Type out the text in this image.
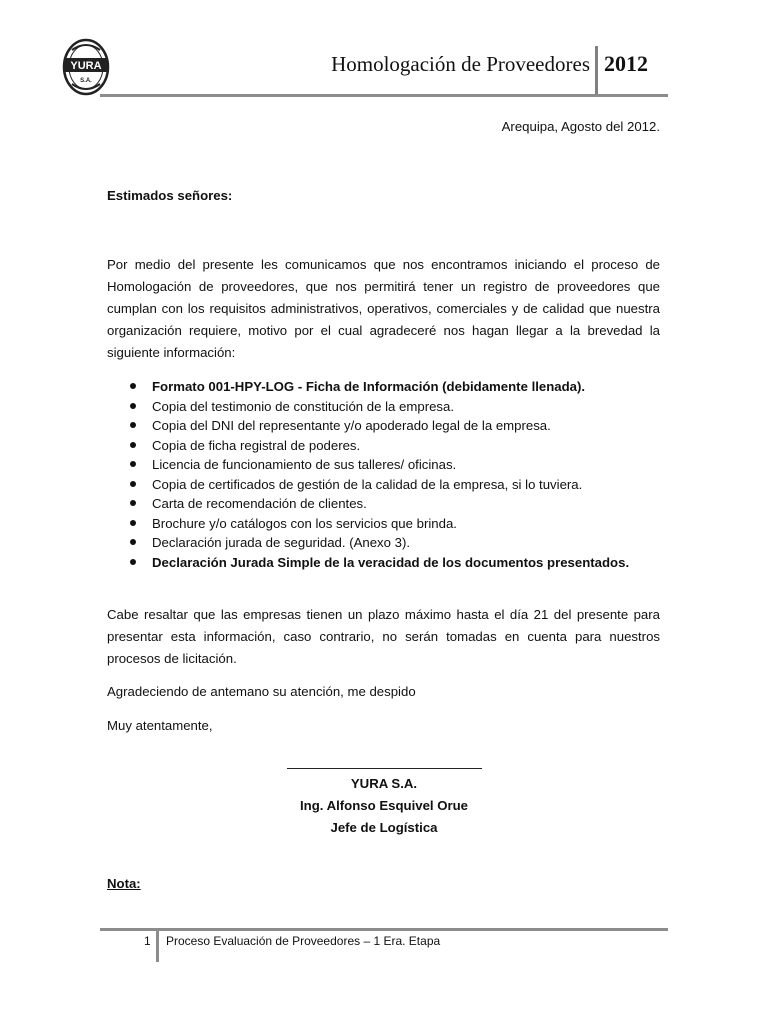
YURA
S.A.
Homologación de Proveedores 2012
Arequipa, Agosto del 2012.
Estimados señores:
Por medio del presente les comunicamos que nos encontramos iniciando el proceso de Homologación de proveedores, que nos permitirá tener un registro de proveedores que cumplan con los requisitos administrativos, operativos, comerciales y de calidad que nuestra organización requiere, motivo por el cual agradeceré nos hagan llegar a la brevedad la siguiente información:
Formato 001-HPY-LOG - Ficha de Información (debidamente llenada).
Copia del testimonio de constitución de la empresa.
Copia del DNI del representante y/o apoderado legal de la empresa.
Copia de ficha registral de poderes.
Licencia de funcionamiento de sus talleres/ oficinas.
Copia de certificados de gestión de la calidad de la empresa, si lo tuviera.
Carta de recomendación de clientes.
Brochure y/o catálogos con los servicios que brinda.
Declaración jurada de seguridad. (Anexo 3).
Declaración Jurada Simple de la veracidad de los documentos presentados.
Cabe resaltar que las empresas tienen un plazo máximo hasta el día 21 del presente para presentar esta información, caso contrario, no serán tomadas en cuenta para nuestros procesos de licitación.
Agradeciendo de antemano su atención, me despido
Muy atentamente,
YURA S.A.
Ing. Alfonso Esquivel Orue
Jefe de Logística
Nota:
1 Proceso Evaluación de Proveedores – 1 Era. Etapa
